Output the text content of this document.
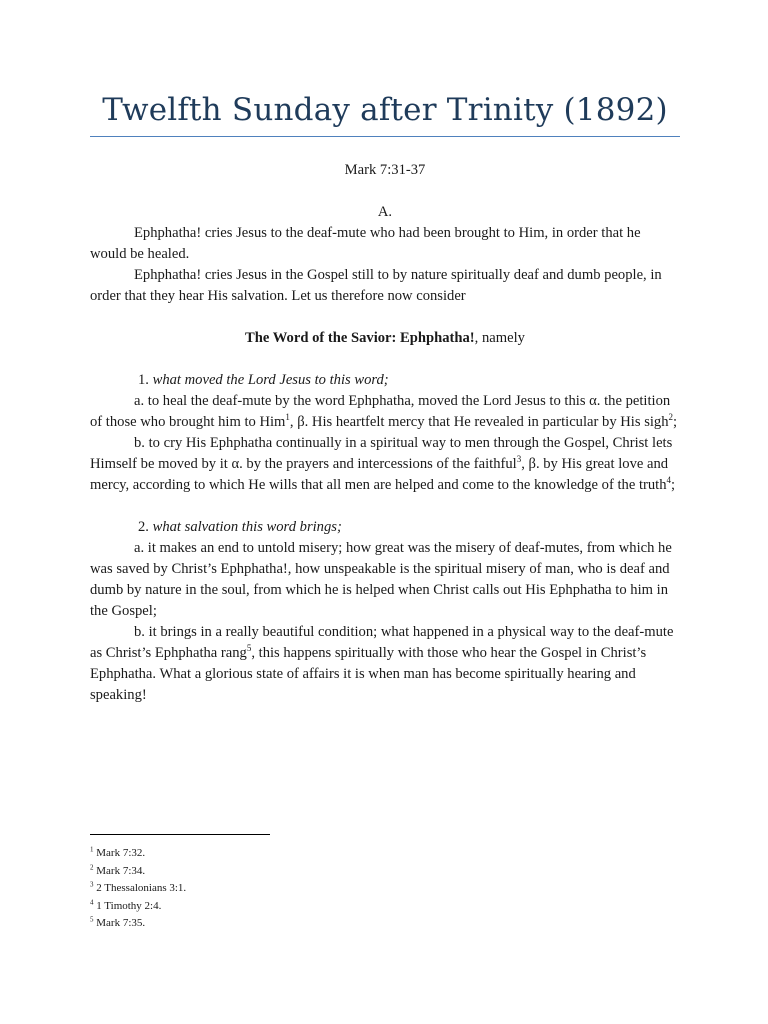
Twelfth Sunday after Trinity (1892)

Mark 7:31-37

A.

Ephphatha! cries Jesus to the deaf-mute who had been brought to Him, in order that he would be healed.

Ephphatha! cries Jesus in the Gospel still to by nature spiritually deaf and dumb people, in order that they hear His salvation. Let us therefore now consider

The Word of the Savior: Ephphatha!, namely

1. what moved the Lord Jesus to this word;

a. to heal the deaf-mute by the word Ephphatha, moved the Lord Jesus to this α. the petition of those who brought him to Him$^1$, β. His heartfelt mercy that He revealed in particular by His sigh$^2$;

b. to cry His Ephphatha continually in a spiritual way to men through the Gospel, Christ lets Himself be moved by it α. by the prayers and intercessions of the faithful$^3$, β. by His great love and mercy, according to which He wills that all men are helped and come to the knowledge of the truth$^4$;

2. what salvation this word brings;

a. it makes an end to untold misery; how great was the misery of deaf-mutes, from which he was saved by Christ’s Ephphatha!, how unspeakable is the spiritual misery of man, who is deaf and dumb by nature in the soul, from which he is helped when Christ calls out His Ephphatha to him in the Gospel;

b. it brings in a really beautiful condition; what happened in a physical way to the deaf-mute as Christ’s Ephphatha rang$^5$, this happens spiritually with those who hear the Gospel in Christ’s Ephphatha. What a glorious state of affairs it is when man has become spiritually hearing and speaking!

$^1$ Mark 7:32.

$^2$ Mark 7:34.

$^3$ 2 Thessalonians 3:1.

$^4$ 1 Timothy 2:4.

$^5$ Mark 7:35.
